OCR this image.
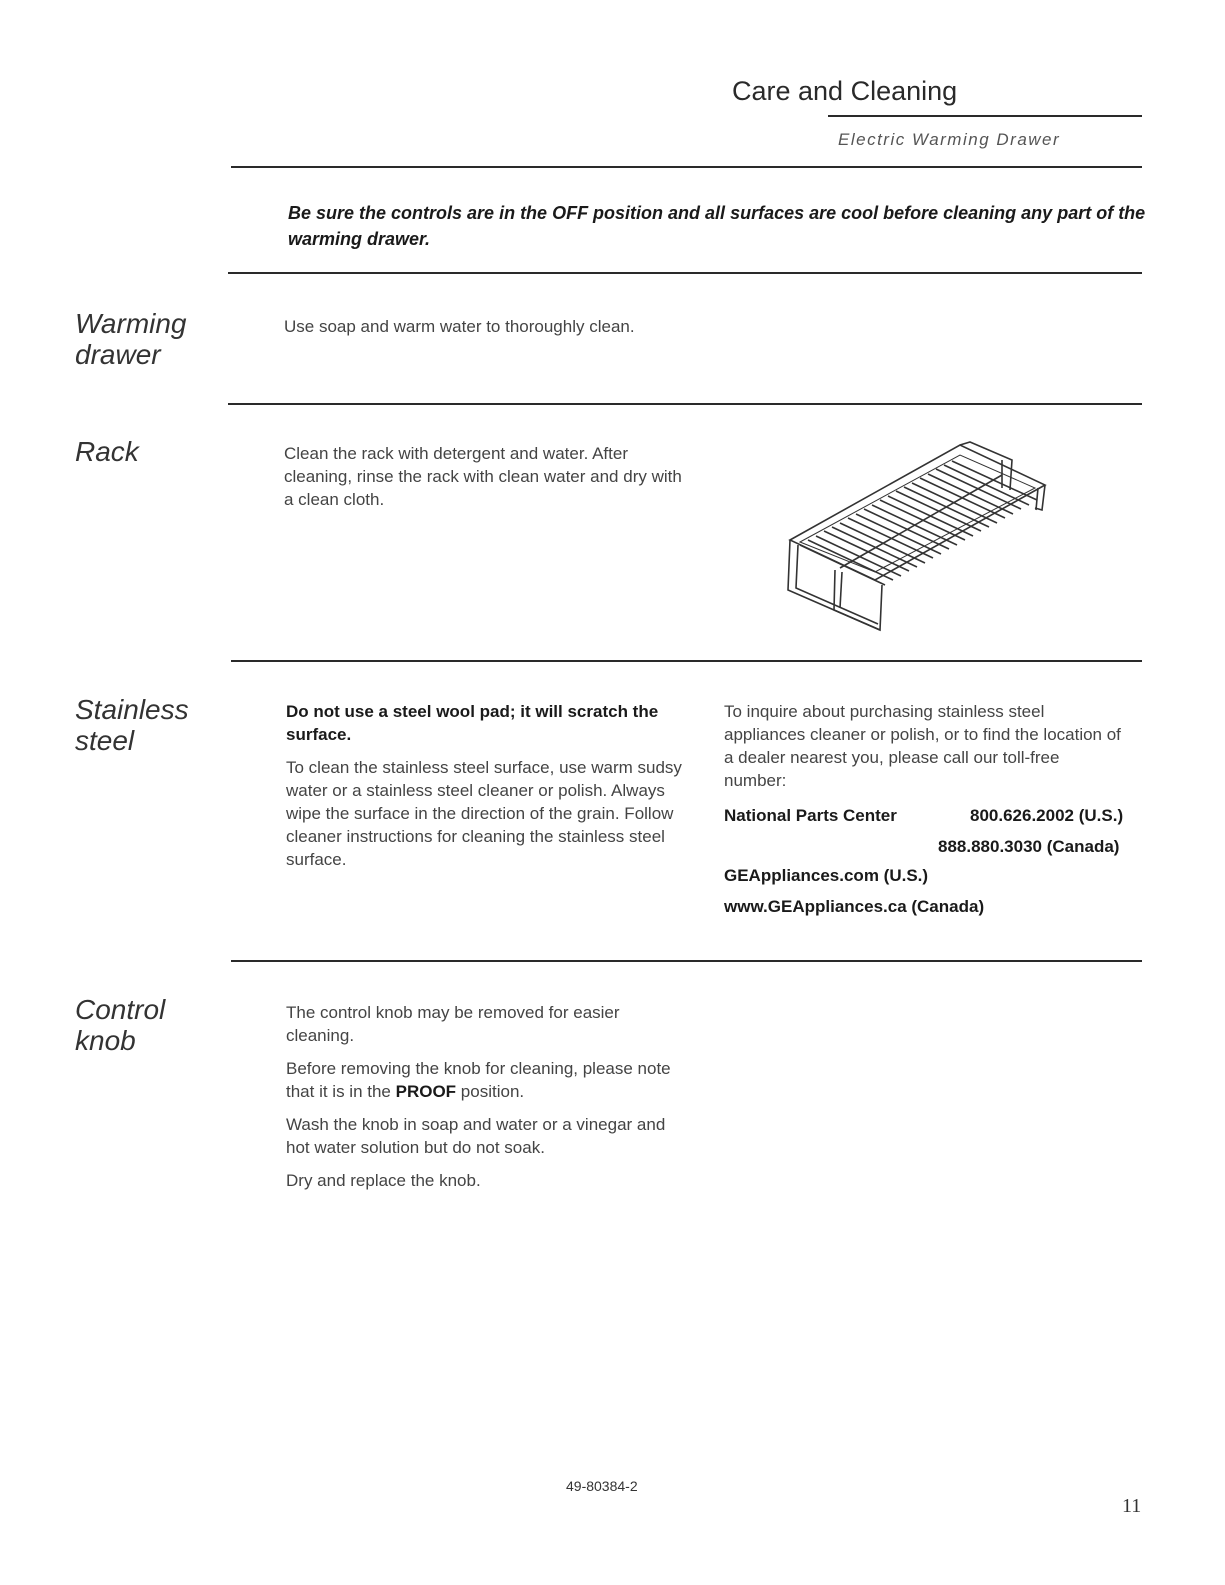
Care and Cleaning
Electric Warming Drawer
Be sure the controls are in the OFF position and all surfaces are cool before cleaning any part of the warming drawer.
Warming
drawer
Use soap and warm water to thoroughly clean.
Rack	Clean the rack with detergent and water. After cleaning, rinse the rack with clean water and dry with a clean cloth.
Stainless
steel

Do not use a steel wool pad; it will scratch the surface.

To clean the stainless steel surface, use warm sudsy water or a stainless steel cleaner or polish. Always wipe the surface in the direction of the grain. Follow cleaner instructions for cleaning the stainless steel surface.

To inquire about purchasing stainless steel appliances cleaner or polish, or to find the location of a dealer nearest you, please call our toll-free number:
National Parts Center	800.626.2002 (U.S.)
888.880.3030 (Canada)
GEAppliances.com (U.S.)
www.GEAppliances.ca (Canada)
Control
knob

The control knob may be removed for easier cleaning.

Before removing the knob for cleaning, please note that it is in the PROOF position.

Wash the knob in soap and water or a vinegar and hot water solution but do not soak.

Dry and replace the knob.

49-80384-2
11
